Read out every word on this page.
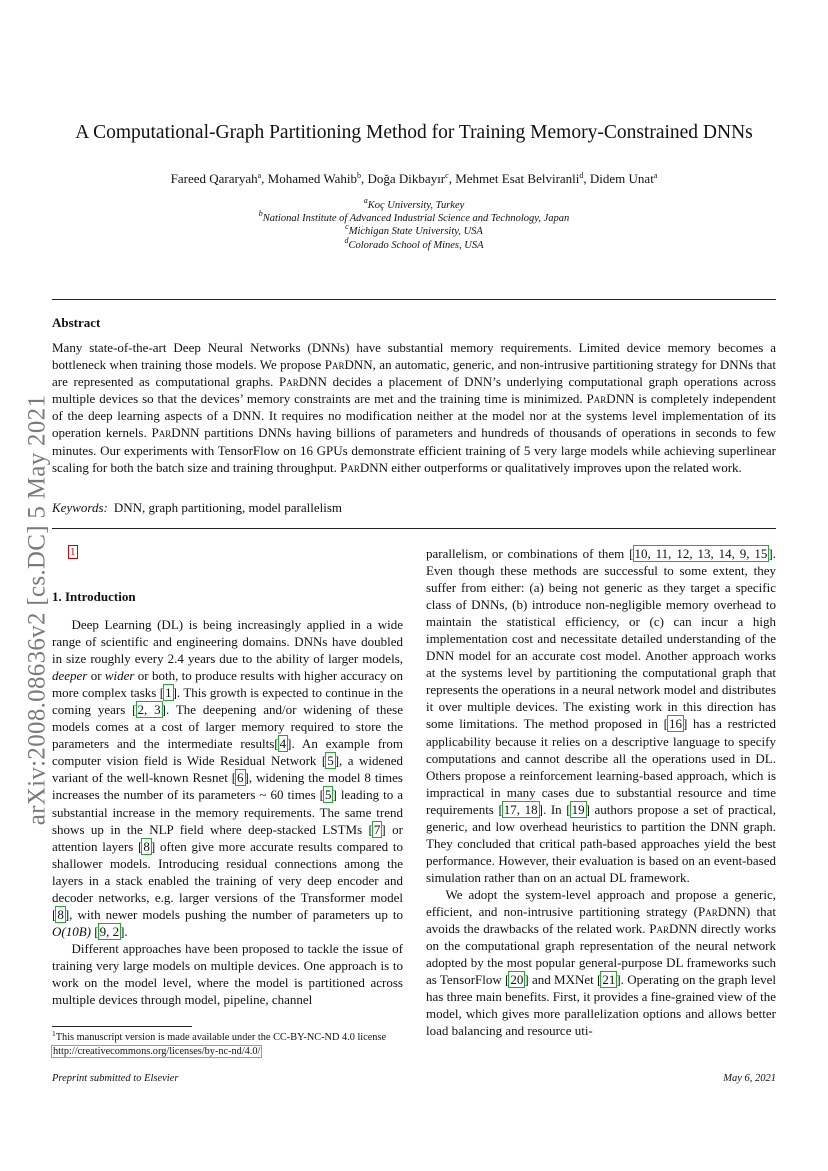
arXiv:2008.08636v2 [cs.DC] 5 May 2021
A Computational-Graph Partitioning Method for Training Memory-Constrained DNNs
Fareed Qararyah$^a$, Mohamed Wahib$^b$, Doğa Dikbayır$^c$, Mehmet Esat Belviranli$^d$, Didem Unat$^a$
$^a$Koç University, Turkey
$^b$National Institute of Advanced Industrial Science and Technology, Japan
$^c$Michigan State University, USA
$^d$Colorado School of Mines, USA
Abstract
Many state-of-the-art Deep Neural Networks (DNNs) have substantial memory requirements. Limited device memory becomes a bottleneck when training those models. We propose ParDNN, an automatic, generic, and non-intrusive partitioning strategy for DNNs that are represented as computational graphs. ParDNN decides a placement of DNN’s underlying computational graph operations across multiple devices so that the devices’ memory constraints are met and the training time is minimized. ParDNN is completely independent of the deep learning aspects of a DNN. It requires no modification neither at the model nor at the systems level implementation of its operation kernels. ParDNN partitions DNNs having billions of parameters and hundreds of thousands of operations in seconds to few minutes. Our experiments with TensorFlow on 16 GPUs demonstrate efficient training of 5 very large models while achieving superlinear scaling for both the batch size and training throughput. ParDNN either outperforms or qualitatively improves upon the related work.
Keywords: DNN, graph partitioning, model parallelism
1
1. Introduction

Deep Learning (DL) is being increasingly applied in a wide range of scientific and engineering domains. DNNs have doubled in size roughly every 2.4 years due to the ability of larger models, deeper or wider or both, to produce results with higher accuracy on more complex tasks [1]. This growth is expected to continue in the coming years [2, 3]. The deepening and/or widening of these models comes at a cost of larger memory required to store the parameters and the intermediate results[4]. An example from computer vision field is Wide Residual Network [5], a widened variant of the well-known Resnet [6], widening the model 8 times increases the number of its parameters ~ 60 times [5] leading to a substantial increase in the memory requirements. The same trend shows up in the NLP field where deep-stacked LSTMs [7] or attention layers [8] often give more accurate results compared to shallower models. Introducing residual connections among the layers in a stack enabled the training of very deep encoder and decoder networks, e.g. larger versions of the Transformer model [8], with newer models pushing the number of parameters up to O(10B) [9, 2].

Different approaches have been proposed to tackle the issue of training very large models on multiple devices. One approach is to work on the model level, where the model is partitioned across multiple devices through model, pipeline, channel

parallelism, or combinations of them [10, 11, 12, 13, 14, 9, 15]. Even though these methods are successful to some extent, they suffer from either: (a) being not generic as they target a specific class of DNNs, (b) introduce non-negligible memory overhead to maintain the statistical efficiency, or (c) can incur a high implementation cost and necessitate detailed understanding of the DNN model for an accurate cost model. Another approach works at the systems level by partitioning the computational graph that represents the operations in a neural network model and distributes it over multiple devices. The existing work in this direction has some limitations. The method proposed in [16] has a restricted applicability because it relies on a descriptive language to specify computations and cannot describe all the operations used in DL. Others propose a reinforcement learning-based approach, which is impractical in many cases due to substantial resource and time requirements [17, 18]. In [19] authors propose a set of practical, generic, and low overhead heuristics to partition the DNN graph. They concluded that critical path-based approaches yield the best performance. However, their evaluation is based on an event-based simulation rather than on an actual DL framework.

We adopt the system-level approach and propose a generic, efficient, and non-intrusive partitioning strategy (ParDNN) that avoids the drawbacks of the related work. ParDNN directly works on the computational graph representation of the neural network adopted by the most popular general-purpose DL frameworks such as TensorFlow [20] and MXNet [21]. Operating on the graph level has three main benefits. First, it provides a fine-grained view of the model, which gives more parallelization options and allows better load balancing and resource uti-

$^1$This manuscript version is made available under the CC-BY-NC-ND 4.0 license http://creativecommons.org/licenses/by-nc-nd/4.0/
Preprint submitted to Elsevier	May 6, 2021
